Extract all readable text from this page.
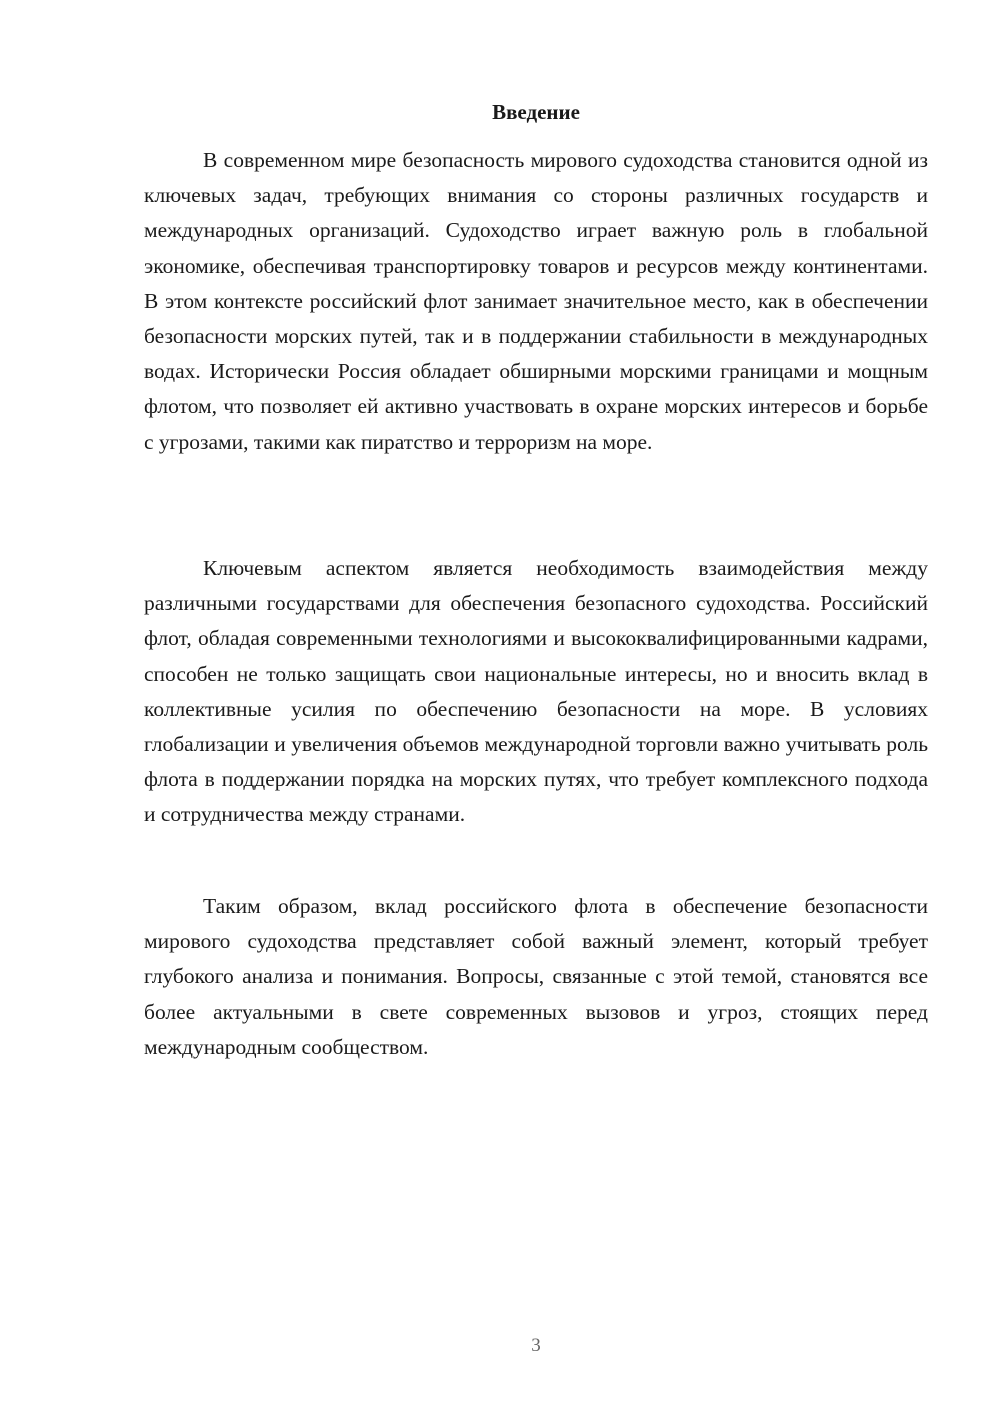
Введение

В современном мире безопасность мирового судоходства становится одной из ключевых задач, требующих внимания со стороны различных государств и международных организаций. Судоходство играет важную роль в глобальной экономике, обеспечивая транспортировку товаров и ресурсов между континентами. В этом контексте российский флот занимает значительное место, как в обеспечении безопасности морских путей, так и в поддержании стабильности в международных водах. Исторически Россия обладает обширными морскими границами и мощным флотом, что позволяет ей активно участвовать в охране морских интересов и борьбе с угрозами, такими как пиратство и терроризм на море.

Ключевым аспектом является необходимость взаимодействия между различными государствами для обеспечения безопасного судоходства. Российский флот, обладая современными технологиями и высококвалифицированными кадрами, способен не только защищать свои национальные интересы, но и вносить вклад в коллективные усилия по обеспечению безопасности на море. В условиях глобализации и увеличения объемов международной торговли важно учитывать роль флота в поддержании порядка на морских путях, что требует комплексного подхода и сотрудничества между странами.

Таким образом, вклад российского флота в обеспечение безопасности мирового судоходства представляет собой важный элемент, который требует глубокого анализа и понимания. Вопросы, связанные с этой темой, становятся все более актуальными в свете современных вызовов и угроз, стоящих перед международным сообществом.

3
